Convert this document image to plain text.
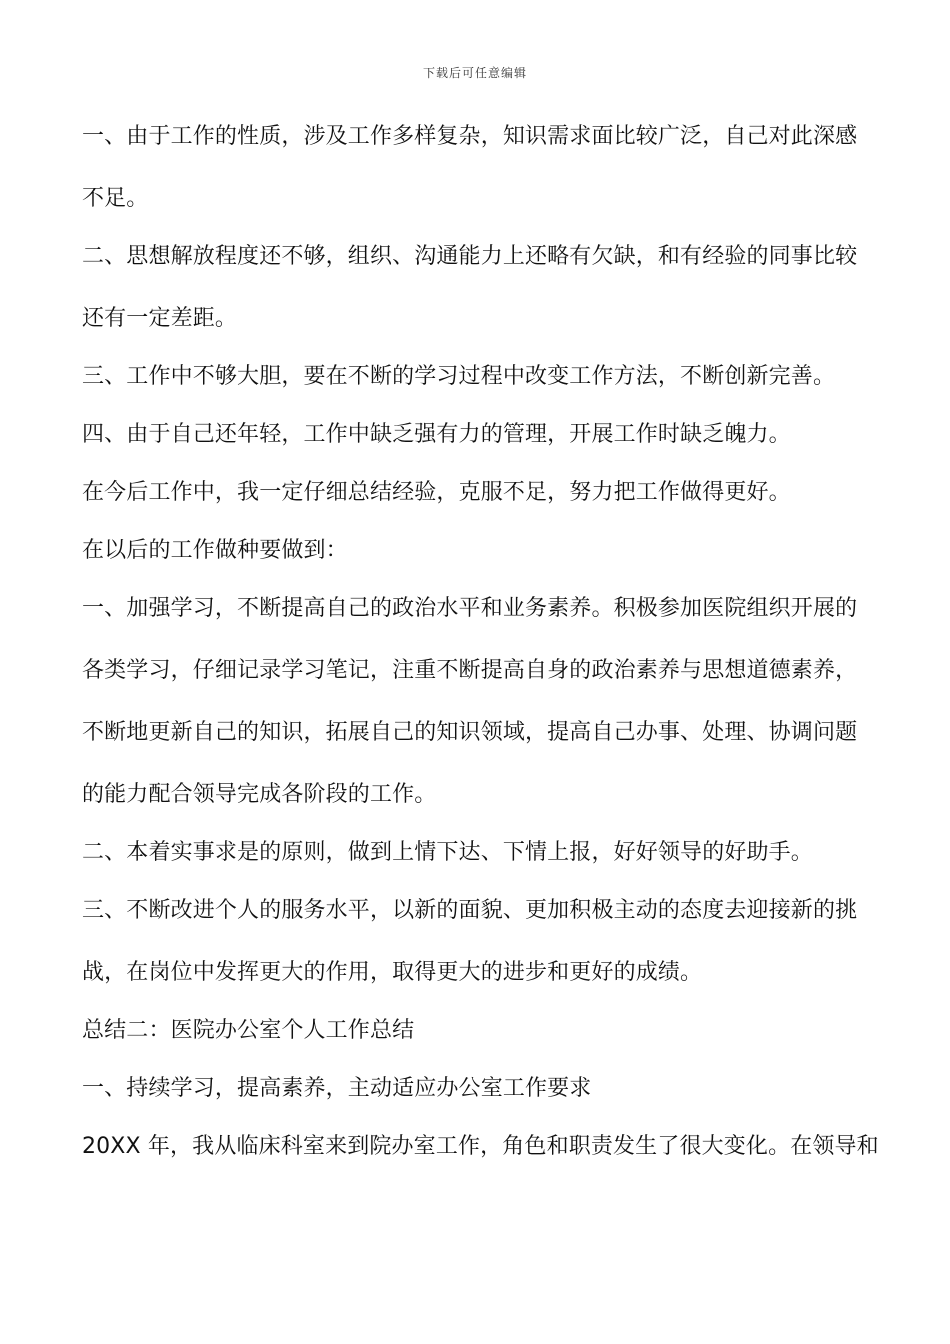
下载后可任意编辑
一、由于工作的性质，涉及工作多样复杂，知识需求面比较广泛，自己对此深感
不足。
二、思想解放程度还不够，组织、沟通能力上还略有欠缺，和有经验的同事比较
还有一定差距。
三、工作中不够大胆，要在不断的学习过程中改变工作方法，不断创新完善。
四、由于自己还年轻，工作中缺乏强有力的管理，开展工作时缺乏魄力。
在今后工作中，我一定仔细总结经验，克服不足，努力把工作做得更好。
在以后的工作做种要做到：
一、加强学习，不断提高自己的政治水平和业务素养。积极参加医院组织开展的
各类学习，仔细记录学习笔记，注重不断提高自身的政治素养与思想道德素养，
不断地更新自己的知识，拓展自己的知识领域，提高自己办事、处理、协调问题
的能力配合领导完成各阶段的工作。
二、本着实事求是的原则，做到上情下达、下情上报，好好领导的好助手。
三、不断改进个人的服务水平，以新的面貌、更加积极主动的态度去迎接新的挑
战，在岗位中发挥更大的作用，取得更大的进步和更好的成绩。
总结二：医院办公室个人工作总结
一、持续学习，提高素养，主动适应办公室工作要求
20XX 年，我从临床科室来到院办室工作，角色和职责发生了很大变化。在领导和
